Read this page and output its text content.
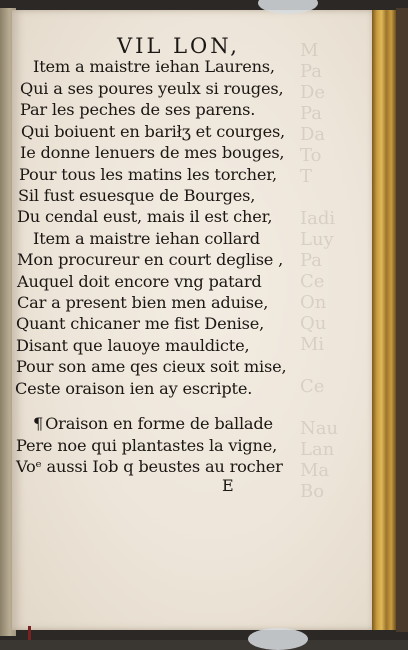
M
Pa
De
Pa
Da
To
T

Iadi
Luy
Pa
Ce
On
Qu
Mi

Ce

Nau
Lan
Ma
Bo
VIL LON,
Item a maistre iehan Laurens,
Qui a ses poures yeulx si rouges,
Par les peches de ses parens.
Qui boiuent en bariłʒ et courges,
Ie donne lenuers de mes bouges,
Pour tous les matins les torcher,
Sil fust esuesque de Bourges,
Du cendal eust, mais il est cher,
Item a maistre iehan collard
Mon procureur en court deglise ,
Auquel doit encore vng patard
Car a present bien men aduise,
Quant chicaner me fist Denise,
Disant que lauoye mauldicte,
Pour son ame qes cieux soit mise,
Ceste oraison ien ay escripte.
¶ Oraison en forme de ballade
Pere noe qui plantastes la vigne,
Voᵉ aussi Iob q beustes au rocher
E
